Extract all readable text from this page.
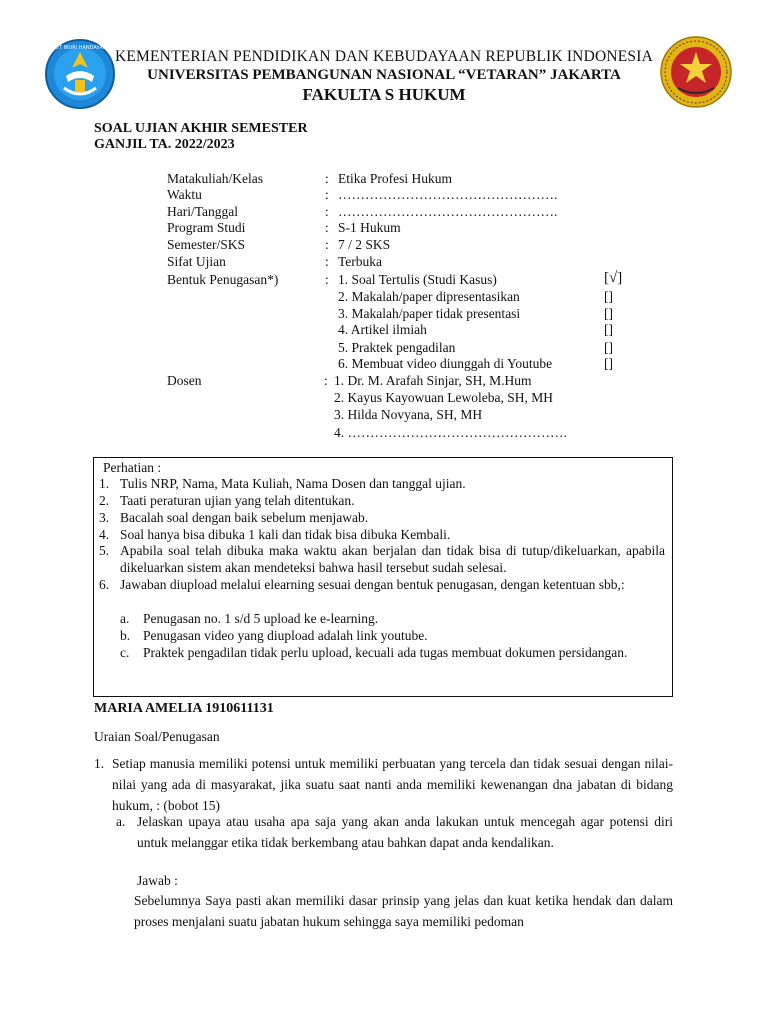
TUT WURI HANDAYANI KEMENTERIAN PENDIDIKAN DAN KEBUDAYAAN REPUBLIK INDONESIA
UNIVERSITAS PEMBANGUNAN NASIONAL “VETARAN” JAKARTA
FAKULTA S HUKUM
SOAL UJIAN AKHIR SEMESTER
GANJIL TA. 2022/2023
Matakuliah/Kelas	: Etika Profesi Hukum
Waktu	: ………………………………………….
Hari/Tanggal	: ………………………………………….
Program Studi	: S-1 Hukum
Semester/SKS	: 7 / 2 SKS
Sifat Ujian	: Terbuka
Bentuk Penugasan*)	: 1. Soal Tertulis (Studi Kasus)	[√]
2. Makalah/paper dipresentasikan	[]
3. Makalah/paper tidak presentasi	[]
4. Artikel ilmiah	[]
5. Praktek pengadilan	[]
6. Membuat video diunggah di Youtube	[]
Dosen	: 1. Dr. M. Arafah Sinjar, SH, M.Hum
2. Kayus Kayowuan Lewoleba, SH, MH
3. Hilda Novyana, SH, MH
4. ………………………………………….
Perhatian :
1. Tulis NRP, Nama, Mata Kuliah, Nama Dosen dan tanggal ujian.
2. Taati peraturan ujian yang telah ditentukan.
3. Bacalah soal dengan baik sebelum menjawab.
4. Soal hanya bisa dibuka 1 kali dan tidak bisa dibuka Kembali.
5. Apabila soal telah dibuka maka waktu akan berjalan dan tidak bisa di tutup/dikeluarkan, apabila dikeluarkan sistem akan mendeteksi bahwa hasil tersebut sudah selesai.
6. Jawaban diupload melalui elearning sesuai dengan bentuk penugasan, dengan ketentuan sbb,:
a. Penugasan no. 1 s/d 5 upload ke e-learning.
b. Penugasan video yang diupload adalah link youtube.
c. Praktek pengadilan tidak perlu upload, kecuali ada tugas membuat dokumen persidangan.
MARIA AMELIA 1910611131
Uraian Soal/Penugasan
1. Setiap manusia memiliki potensi untuk memiliki perbuatan yang tercela dan tidak sesuai dengan nilai-nilai yang ada di masyarakat, jika suatu saat nanti anda memiliki kewenangan dna jabatan di bidang hukum, : (bobot 15)
a. Jelaskan upaya atau usaha apa saja yang akan anda lakukan untuk mencegah agar potensi diri untuk melanggar etika tidak berkembang atau bahkan dapat anda kendalikan.
Jawab :
Sebelumnya Saya pasti akan memiliki dasar prinsip yang jelas dan kuat ketika hendak dan dalam proses menjalani suatu jabatan hukum sehingga saya memiliki pedoman
